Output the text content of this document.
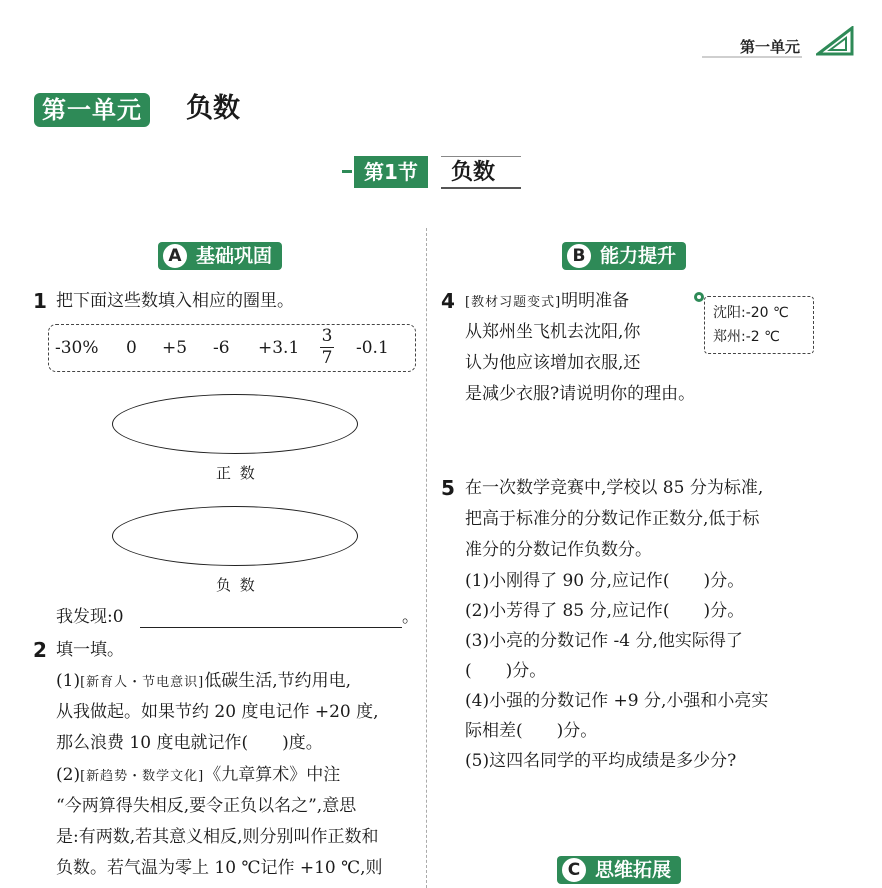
第一单元
第一单元 负数
第1节	负数
A 基础巩固
1 把下面这些数填入相应的圈里。
-30% 0 +5 -6 +3.1
3
7 -0.1
正 数
负 数
我发现:0	。
2 填一填。
(1)[新育人・节电意识]低碳生活,节约用电,
从我做起。如果节约 20 度电记作 +20 度,
那么浪费 10 度电就记作(　　)度。
(2)[新趋势・数学文化]《九章算术》中注
“今两算得失相反,要令正负以名之”,意思
是:有两数,若其意义相反,则分别叫作正数和
负数。若气温为零上 10 ℃记作 +10 ℃,则
B 能力提升
4 [教材习题变式]明明准备
从郑州坐飞机去沈阳,你
认为他应该增加衣服,还
是减少衣服?请说明你的理由。
沈阳:-20 ℃
郑州:-2 ℃
5 在一次数学竞赛中,学校以 85 分为标准,
把高于标准分的分数记作正数分,低于标
准分的分数记作负数分。
(1)小刚得了 90 分,应记作(　　)分。
(2)小芳得了 85 分,应记作(　　)分。
(3)小亮的分数记作 -4 分,他实际得了
(　　)分。
(4)小强的分数记作 +9 分,小强和小亮实
际相差(　　)分。
(5)这四名同学的平均成绩是多少分?
C 思维拓展
